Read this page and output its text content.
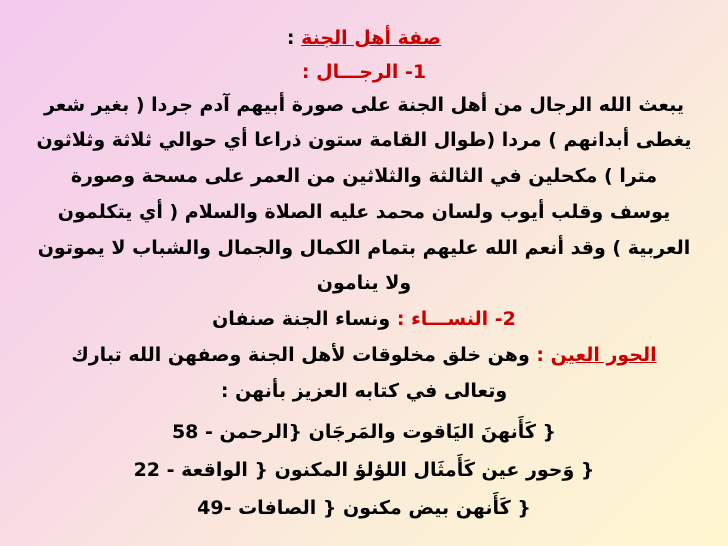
صفة أهل الجنة :
1- الرجـــال :
يبعث الله الرجال من أهل الجنة على صورة أبيهم آدم جردا ( بغير شعر
يغطى أبدانهم ) مردا (طوال القامة ستون ذراعا أي حوالي ثلاثة وثلاثون
مترا ) مكحلين في الثالثة والثلاثين من العمر على مسحة وصورة
يوسف وقلب أيوب ولسان محمد عليه الصلاة والسلام ( أي يتكلمون
العربية ) وقد أنعم الله عليهم بتمام الكمال والجمال والشباب لا يموتون
ولا ينامون
2- النســـاء : ونساء الجنة صنفان
الحور العين : وهن خلق مخلوقات لأهل الجنة وصفهن الله تبارك
وتعالى في كتابه العزيز بأنهن :
{ كَأَنهنَ اليَاقوت والمَرجَان {الرحمن - 58
{ وَحور عين كَأَمثَال اللؤلؤ المكنون { الواقعة - 22
{ كَأَنهن بيض مكنون { الصافات -49
